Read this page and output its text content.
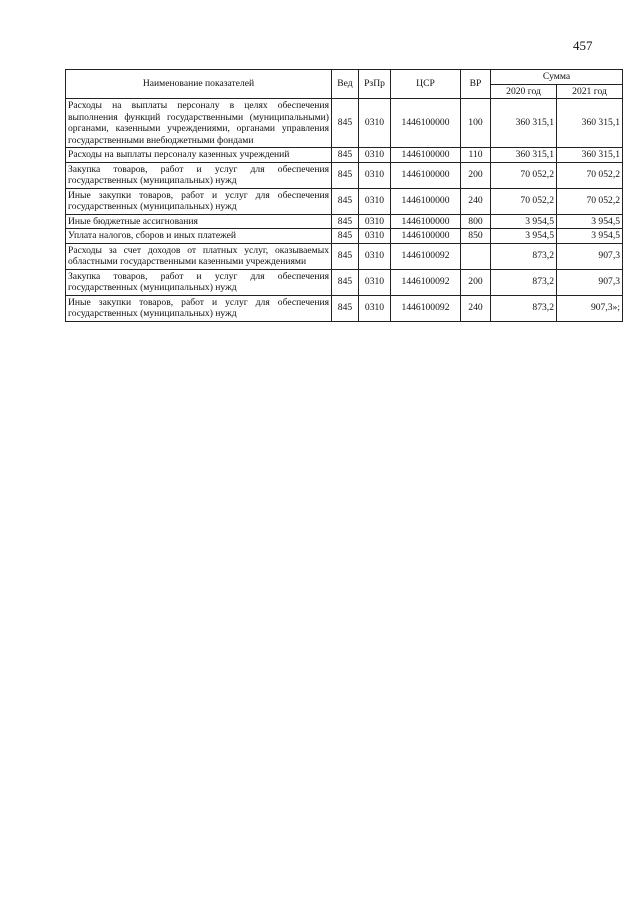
457
Наименование показателей	Вед	РзПр	ЦСР	ВР	Сумма	
					2020 год	2021 год
Расходы на выплаты персоналу в целях обеспечения выполнения функций государственными (муниципальными) органами, казенными учреждениями, органами управления государственными внебюджетными фондами	845	0310	1446100000	100	360 315,1	360 315,1
Расходы на выплаты персоналу казенных учреждений	845	0310	1446100000	110	360 315,1	360 315,1
Закупка товаров, работ и услуг для обеспечения государственных (муниципальных) нужд	845	0310	1446100000	200	70 052,2	70 052,2
Иные закупки товаров, работ и услуг для обеспечения государственных (муниципальных) нужд	845	0310	1446100000	240	70 052,2	70 052,2
Иные бюджетные ассигнования	845	0310	1446100000	800	3 954,5	3 954,5
Уплата налогов, сборов и иных платежей	845	0310	1446100000	850	3 954,5	3 954,5
Расходы за счет доходов от платных услуг, оказываемых областными государственными казенными учреждениями	845	0310	1446100092		873,2	907,3
Закупка товаров, работ и услуг для обеспечения государственных (муниципальных) нужд	845	0310	1446100092	200	873,2	907,3
Иные закупки товаров, работ и услуг для обеспечения государственных (муниципальных) нужд	845	0310	1446100092	240	873,2	907,3»;
